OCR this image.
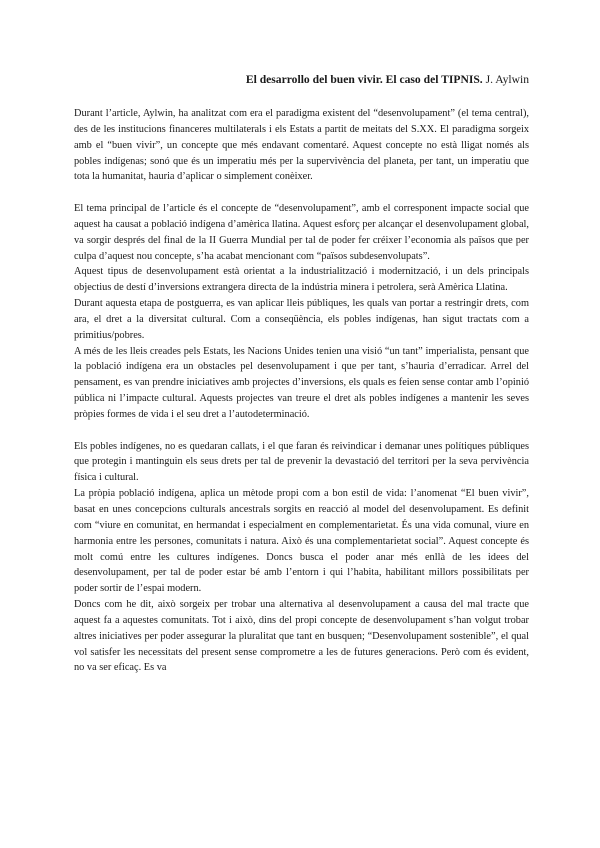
El desarrollo del buen vivir. El caso del TIPNIS. J. Aylwin

Durant l’article, Aylwin, ha analitzat com era el paradigma existent del “desenvolupament” (el tema central), des de les institucions financeres multilaterals i els Estats a partit de meitats del S.XX. El paradigma sorgeix amb el “buen vivir”, un concepte que més endavant comentaré. Aquest concepte no està lligat només als pobles indígenas; sonó que és un imperatiu més per la supervivència del planeta, per tant, un imperatiu que tota la humanitat, hauria d’aplicar o simplement conèixer.

El tema principal de l’article és el concepte de “desenvolupament”, amb el corresponent impacte social que aquest ha causat a població indígena d’amèrica llatina. Aquest esforç per alcançar el desenvolupament global, va sorgir després del final de la II Guerra Mundial per tal de poder fer créixer l’economia als països que per culpa d’aquest nou concepte, s’ha acabat mencionant com “països subdesenvolupats”.

Aquest tipus de desenvolupament està orientat a la industrialització i modernització, i un dels principals objectius de destí d’inversions extrangera directa de la indústria minera i petrolera, serà Amèrica Llatina.

Durant aquesta etapa de postguerra, es van aplicar lleis públiques, les quals van portar a restringir drets, com ara, el dret a la diversitat cultural. Com a conseqüència, els pobles indígenas, han sigut tractats com a primitius/pobres.

A més de les lleis creades pels Estats, les Nacions Unides tenien una visió “un tant” imperialista, pensant que la població indígena era un obstacles pel desenvolupament i que per tant, s’hauria d’erradicar. Arrel del pensament, es van prendre iniciatives amb projectes d’inversions, els quals es feien sense contar amb l’opinió pública ni l’impacte cultural. Aquests projectes van treure el dret als pobles indígenes a mantenir les seves pròpies formes de vida i el seu dret a l’autodeterminació.

Els pobles indígenes, no es quedaran callats, i el que faran és reivindicar i demanar unes polítiques públiques que protegin i mantinguin els seus drets per tal de prevenir la devastació del territori per la seva pervivència física i cultural.

La pròpia població indígena, aplica un mètode propi com a bon estil de vida: l’anomenat “El buen vivir”, basat en unes concepcions culturals ancestrals sorgits en reacció al model del desenvolupament. Es definit com “viure en comunitat, en hermandat i especialment en complementarietat. És una vida comunal, viure en harmonia entre les persones, comunitats i natura. Això és una complementarietat social”. Aquest concepte és molt comú entre les cultures indígenes. Doncs busca el poder anar més enllà de les idees del desenvolupament, per tal de poder estar bé amb l’entorn i qui l’habita, habilitant millors possibilitats per poder sortir de l’espai modern.

Doncs com he dit, això sorgeix per trobar una alternativa al desenvolupament a causa del mal tracte que aquest fa a aquestes comunitats. Tot i això, dins del propi concepte de desenvolupament s’han volgut trobar altres iniciatives per poder assegurar la pluralitat que tant en busquen; “Desenvolupament sostenible”, el qual vol satisfer les necessitats del present sense comprometre a les de futures generacions. Però com és evident, no va ser eficaç. Es va
